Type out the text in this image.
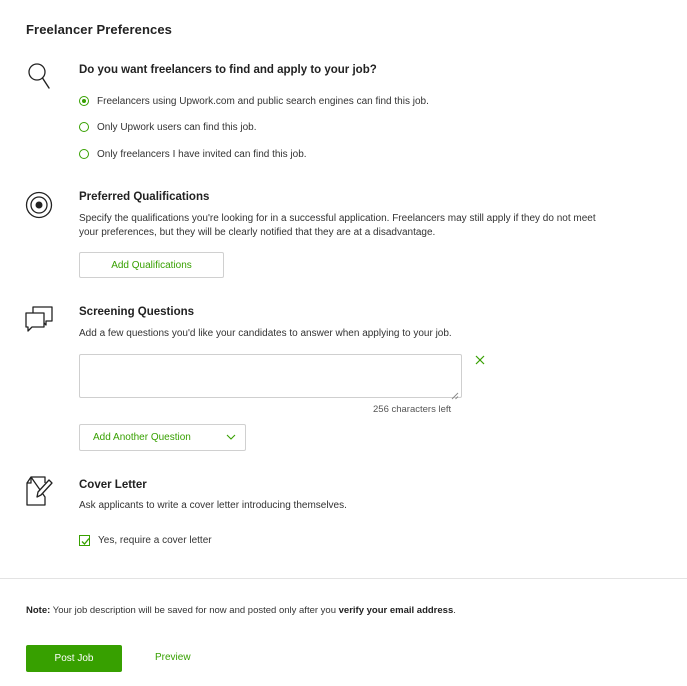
Freelancer Preferences
Do you want freelancers to find and apply to your job?
Freelancers using Upwork.com and public search engines can find this job.
Only Upwork users can find this job.
Only freelancers I have invited can find this job.
Preferred Qualifications
Specify the qualifications you're looking for in a successful application. Freelancers may still apply if they do not meet
your preferences, but they will be clearly notified that they are at a disadvantage.
Add Qualifications
Screening Questions
Add a few questions you'd like your candidates to answer when applying to your job.
256 characters left
Add Another Question
Cover Letter
Ask applicants to write a cover letter introducing themselves.
Yes, require a cover letter
Note: Your job description will be saved for now and posted only after you verify your email address.
Post Job	Preview
